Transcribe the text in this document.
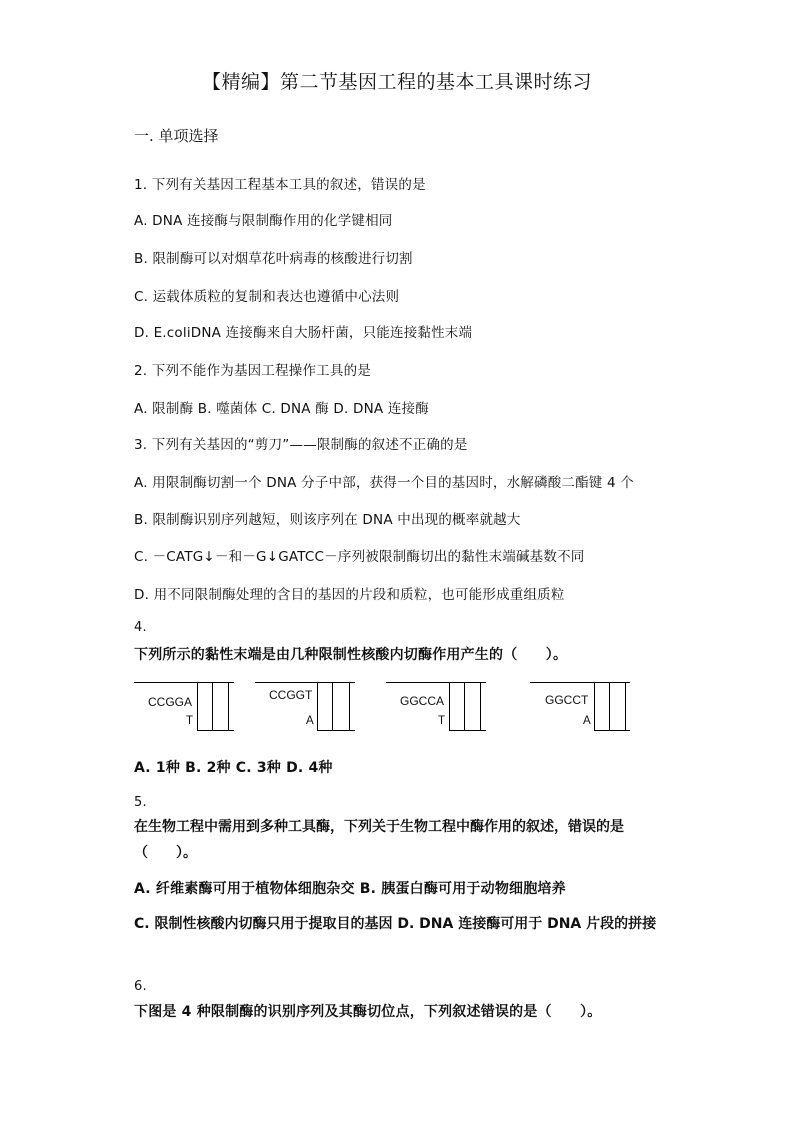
【精编】第二节基因工程的基本工具课时练习
一. 单项选择
1. 下列有关基因工程基本工具的叙述，错误的是
A. DNA 连接酶与限制酶作用的化学键相同
B. 限制酶可以对烟草花叶病毒的核酸进行切割
C. 运载体质粒的复制和表达也遵循中心法则
D. E.coliDNA 连接酶来自大肠杆菌，只能连接黏性末端
2. 下列不能作为基因工程操作工具的是
A. 限制酶 B. 噬菌体 C. DNA 酶 D. DNA 连接酶
3. 下列有关基因的“剪刀”——限制酶的叙述不正确的是
A. 用限制酶切割一个 DNA 分子中部，获得一个目的基因时，水解磷酸二酯键 4 个
B. 限制酶识别序列越短，则该序列在 DNA 中出现的概率就越大
C. －CATG↓－和－G↓GATCC－序列被限制酶切出的黏性末端碱基数不同
D. 用不同限制酶处理的含目的基因的片段和质粒，也可能形成重组质粒
4.
下列所示的黏性末端是由几种限制性核酸内切酶作用产生的（　　）。
CCGGA
T
CCGGT
A
GGCCA
T
GGCCT
A
A. 1种 B. 2种 C. 3种 D. 4种
5.
在生物工程中需用到多种工具酶，下列关于生物工程中酶作用的叙述，错误的是（　　）。
A. 纤维素酶可用于植物体细胞杂交 B. 胰蛋白酶可用于动物细胞培养
C. 限制性核酸内切酶只用于提取目的基因 D. DNA 连接酶可用于 DNA 片段的拼接
6.
下图是 4 种限制酶的识别序列及其酶切位点，下列叙述错误的是（　　）。
